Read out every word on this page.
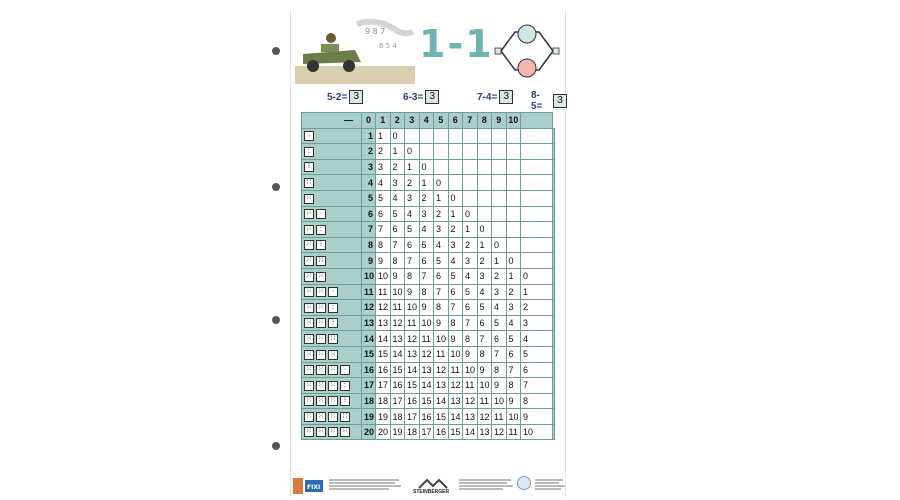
9 8 7
6 5 4 1-1
5-2= 3	6-3= 3	7-4= 3	8-5=
3
—	0	1	2	3	4	5	6	7	8	9	10		
·	1	1	0										
:	2	2	1	0									
⁝	3	3	2	1	0								
∷	4	4	3	2	1	0							
⁙	5	5	4	3	2	1	0						
⁙ ·	6	6	5	4	3	2	1	0					
⁙ :	7	7	6	5	4	3	2	1	0				
⁙ ⁝	8	8	7	6	5	4	3	2	1	0			
⁙ ∷	9	9	8	7	6	5	4	3	2	1	0		
⁙ ⁙	10	10	9	8	7	6	5	4	3	2	1	0	
⁙ ⁙ ·	11	11	10	9	8	7	6	5	4	3	2	1	
⁙ ⁙ :	12	12	11	10	9	8	7	6	5	4	3	2	
⁙ ⁙ ⁝	13	13	12	11	10	9	8	7	6	5	4	3	
⁙ ⁙ ∷	14	14	13	12	11	10	9	8	7	6	5	4	
⁙ ⁙ ⁙	15	15	14	13	12	11	10	9	8	7	6	5	
⁙ ⁙ ⁙ ·	16	16	15	14	13	12	11	10	9	8	7	6	
⁙ ⁙ ⁙ :	17	17	16	15	14	13	12	11	10	9	8	7	
⁙ ⁙ ⁙ ⁝	18	18	17	16	15	14	13	12	11	10	9	8	
⁙ ⁙ ⁙ ∷	19	19	18	17	16	15	14	13	12	11	10	9	
⁙ ⁙ ⁙ ⁙	20	20	19	18	17	16	15	14	13	12	11	10	
FIXI
STEINBERGER
